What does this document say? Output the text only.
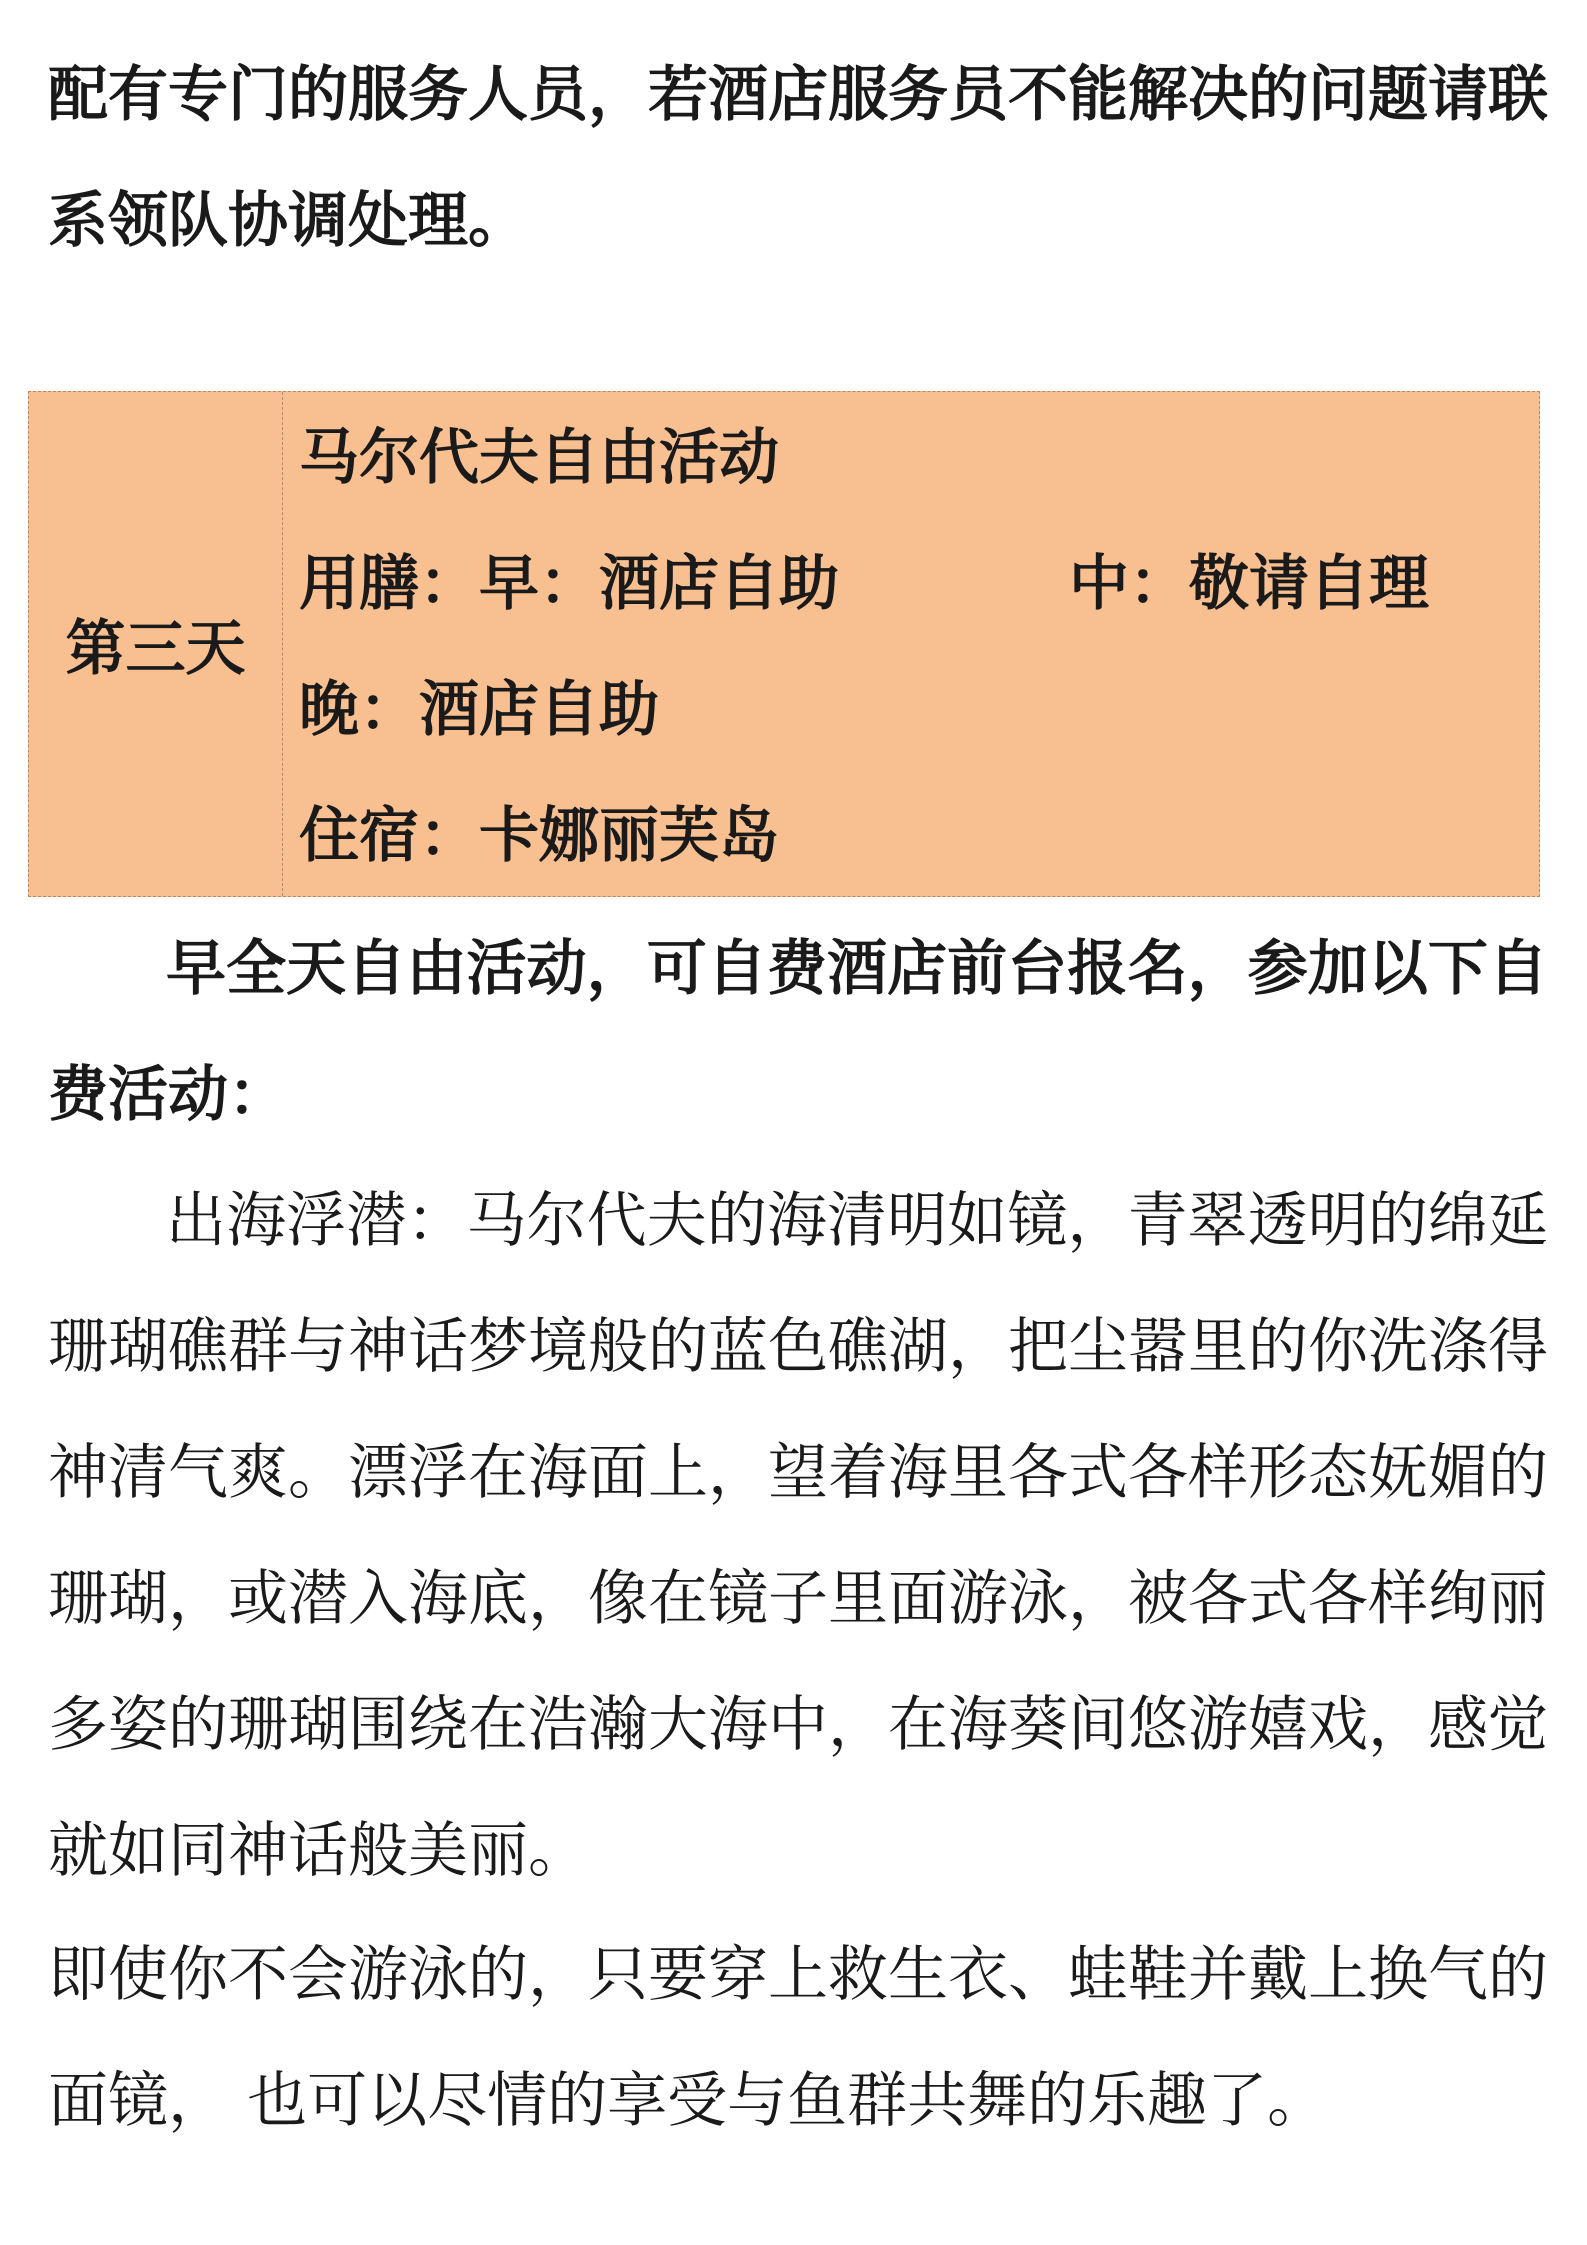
配有专门的服务人员，若酒店服务员不能解决的问题请联系领队协调处理。

第三天
马尔代夫自由活动
用膳：早：酒店自助	中：敬请自理
晚：酒店自助
住宿：卡娜丽芙岛

早全天自由活动，可自费酒店前台报名，参加以下自费活动：

出海浮潜：马尔代夫的海清明如镜，青翠透明的绵延珊瑚礁群与神话梦境般的蓝色礁湖，把尘嚣里的你洗涤得神清气爽。漂浮在海面上，望着海里各式各样形态妩媚的珊瑚，或潜入海底，像在镜子里面游泳，被各式各样绚丽多姿的珊瑚围绕在浩瀚大海中，在海葵间悠游嬉戏，感觉就如同神话般美丽。

即使你不会游泳的，只要穿上救生衣、蛙鞋并戴上换气的面镜， 也可以尽情的享受与鱼群共舞的乐趣了。
